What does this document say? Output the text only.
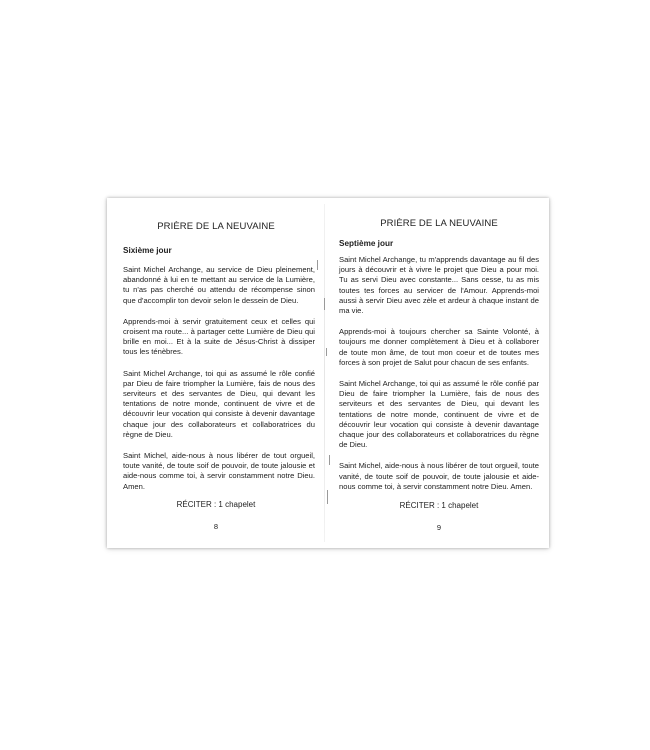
PRIÈRE DE LA NEUVAINE

Sixième jour

Saint Michel Archange, au service de Dieu pleinement, abandonné à lui en te mettant au service de la Lumière, tu n'as pas cherché ou attendu de récompense sinon que d'accomplir ton devoir selon le dessein de Dieu.

Apprends-moi à servir gratuitement ceux et celles qui croisent ma route... à partager cette Lumière de Dieu qui brille en moi... Et à la suite de Jésus-Christ à dissiper tous les ténèbres.

Saint Michel Archange, toi qui as assumé le rôle confié par Dieu de faire triompher la Lumière, fais de nous des serviteurs et des servantes de Dieu, qui devant les tentations de notre monde, continuent de vivre et de découvrir leur vocation qui consiste à devenir davantage chaque jour des collaborateurs et collaboratrices du règne de Dieu.

Saint Michel, aide-nous à nous libérer de tout orgueil, toute vanité, de toute soif de pouvoir, de toute jalousie et aide-nous comme toi, à servir constamment notre Dieu. Amen.

RÉCITER : 1 chapelet

8

PRIÈRE DE LA NEUVAINE

Septième jour

Saint Michel Archange, tu m'apprends davantage au fil des jours à découvrir et à vivre le projet que Dieu a pour moi. Tu as servi Dieu avec constante... Sans cesse, tu as mis toutes tes forces au servicer de l'Amour. Apprends-moi aussi à servir Dieu avec zèle et ardeur à chaque instant de ma vie.

Apprends-moi à toujours chercher sa Sainte Volonté, à toujours me donner complètement à Dieu et à collaborer de toute mon âme, de tout mon coeur et de toutes mes forces à son projet de Salut pour chacun de ses enfants.

Saint Michel Archange, toi qui as assumé le rôle confié par Dieu de faire triompher la Lumière, fais de nous des serviteurs et des servantes de Dieu, qui devant les tentations de notre monde, continuent de vivre et de découvrir leur vocation qui consiste à devenir davantage chaque jour des collaborateurs et collaboratrices du règne de Dieu.

Saint Michel, aide-nous à nous libérer de tout orgueil, toute vanité, de toute soif de pouvoir, de toute jalousie et aide-nous comme toi, à servir constamment notre Dieu. Amen.

RÉCITER : 1 chapelet

9
